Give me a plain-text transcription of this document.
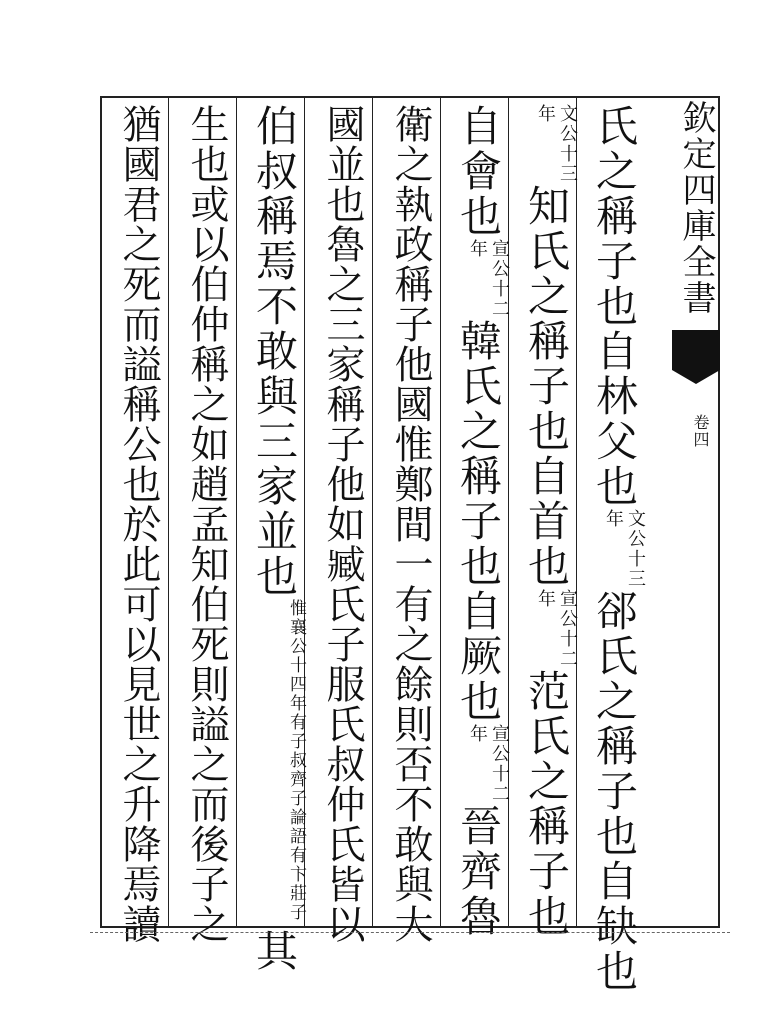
氏之稱子也自林父也文公十三年郤氏之稱子也自缺也
文公十三年知氏之稱子也自首也宣公十二年范氏之稱子也
自會也宣公十二年韓氏之稱子也自厥也宣公十二年晉齊魯
衛之執政稱子他國惟鄭間一有之餘則否不敢與大
國並也魯之三家稱子他如臧氏子服氏叔仲氏皆以
伯叔稱焉不敢與三家並也惟襄公十四年有子叔齊子論語有卞莊子其
生也或以伯仲稱之如趙孟知伯死則謚之而後子之
猶國君之死而謚稱公也於此可以見世之升降焉讀	欽定四庫全書
卷四
